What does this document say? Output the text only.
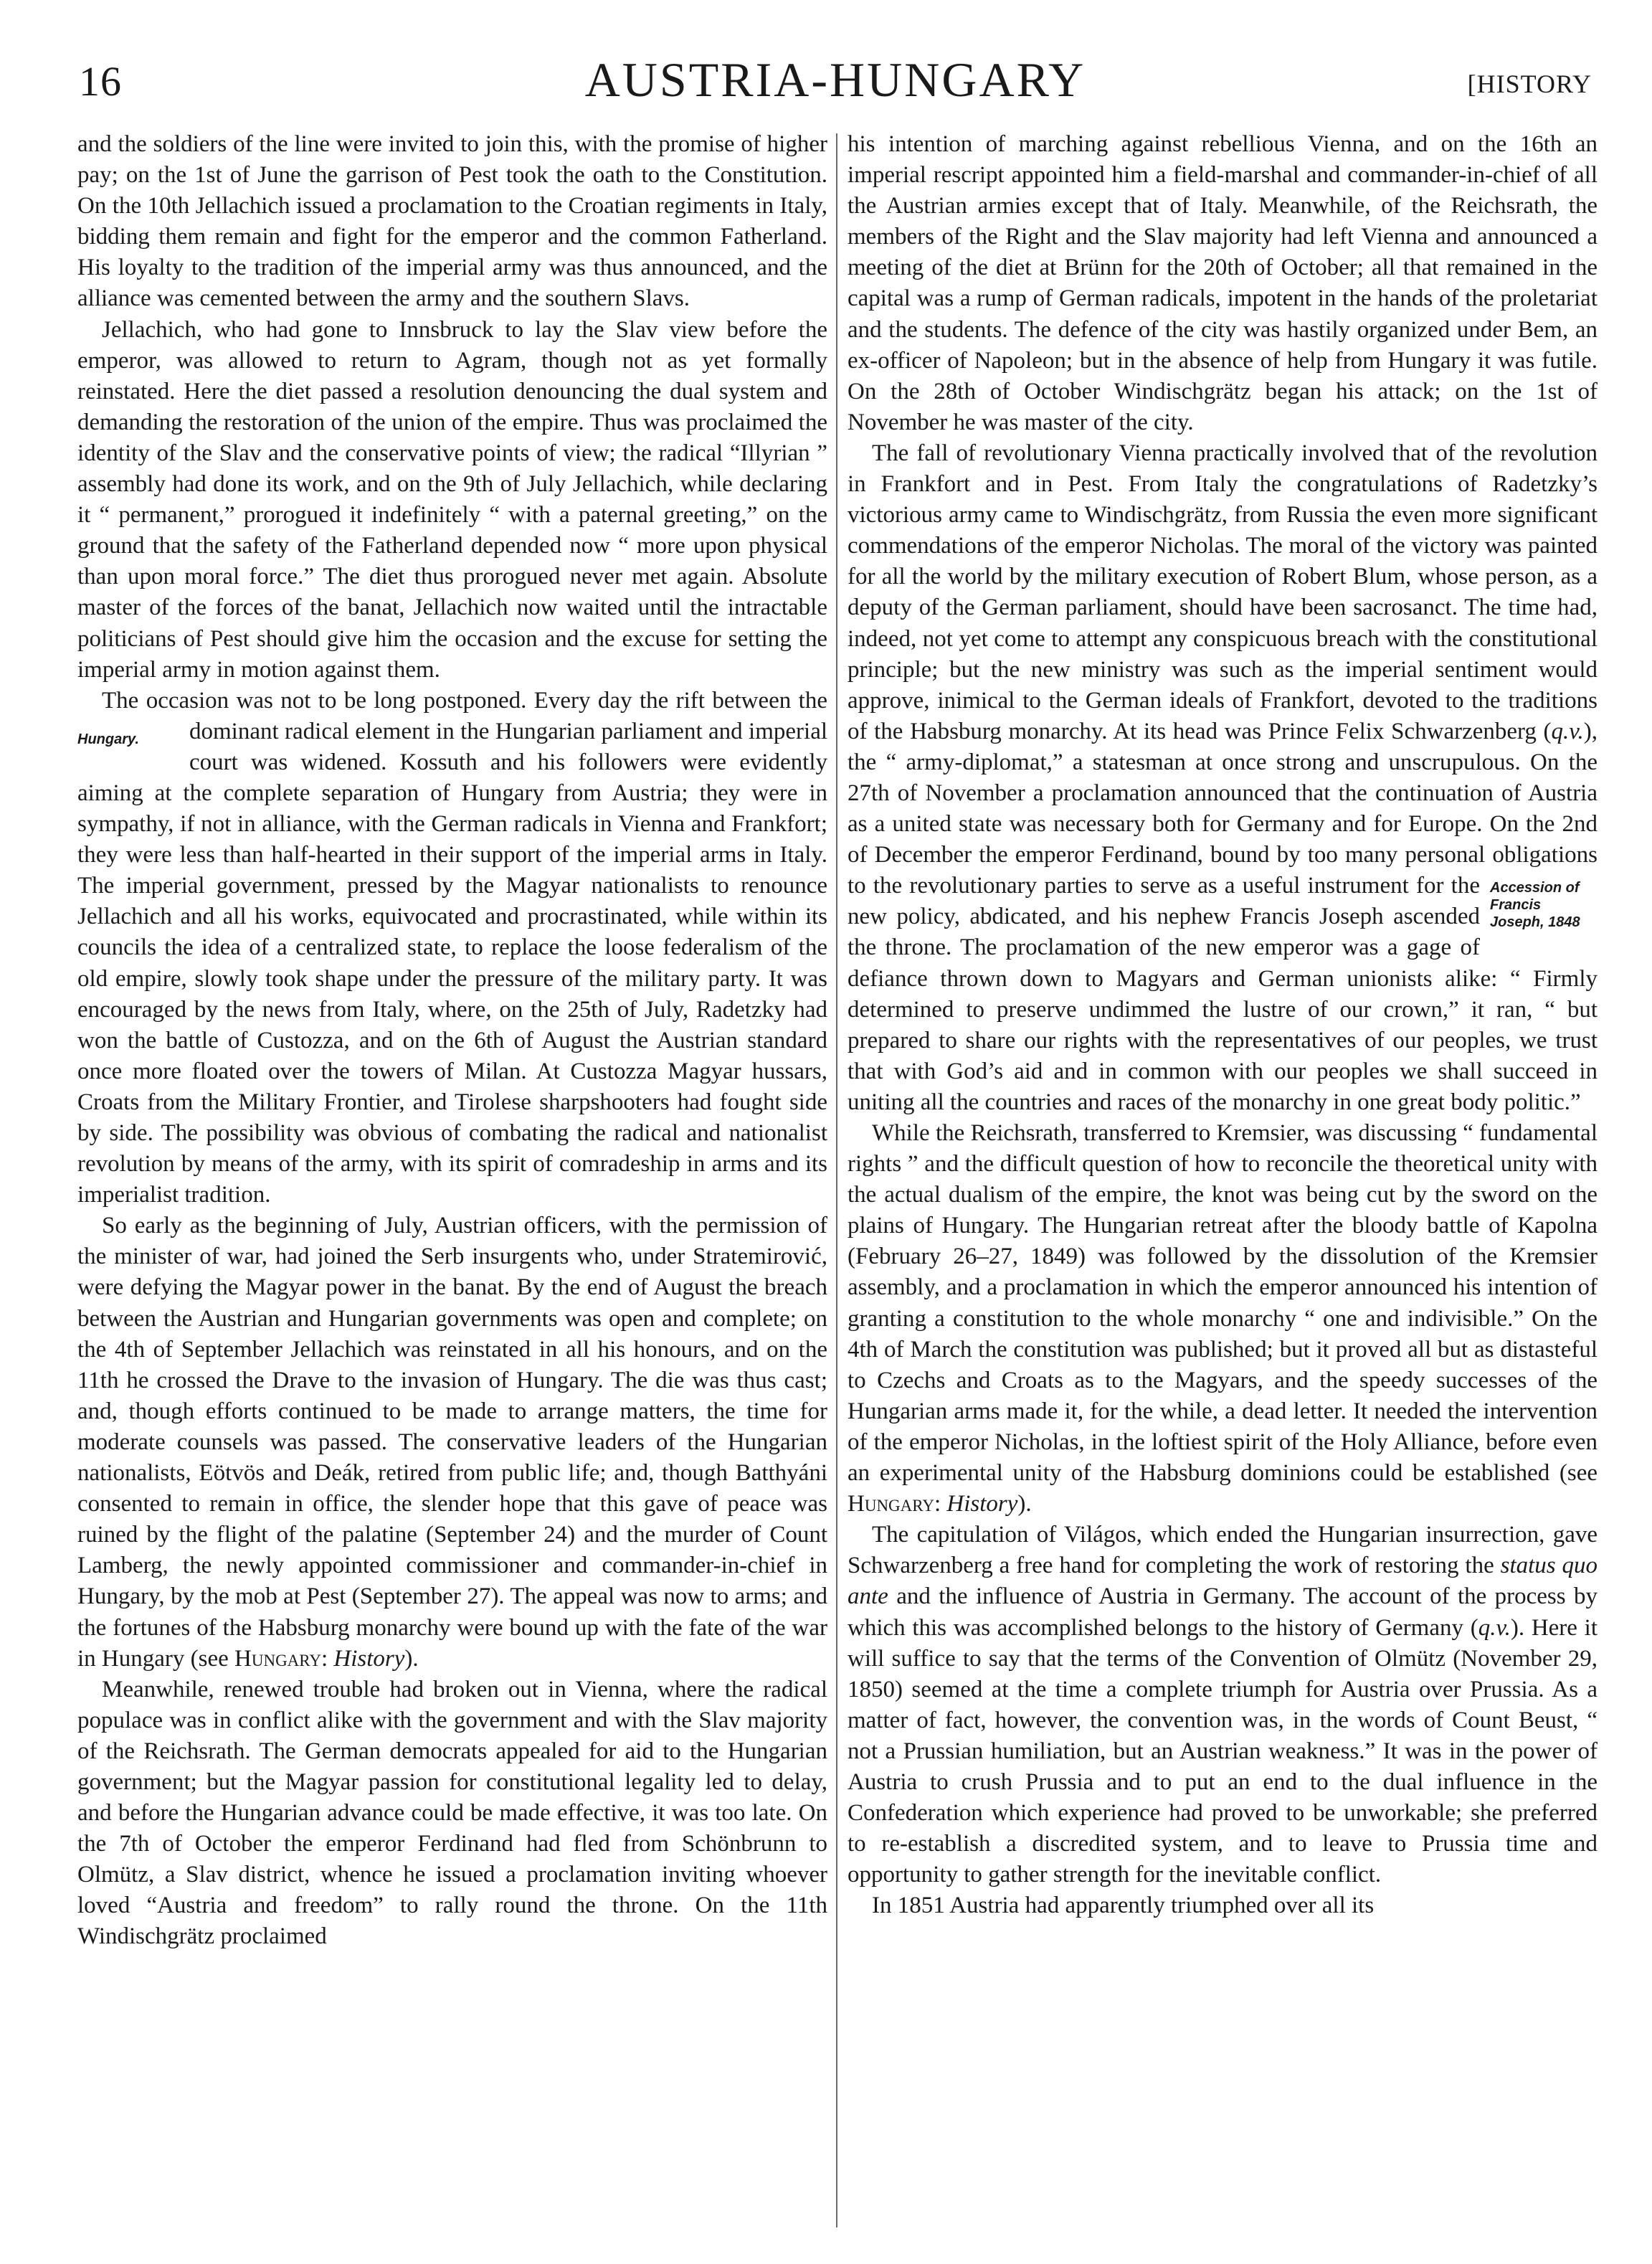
16	AUSTRIA-HUNGARY	[HISTORY

and the soldiers of the line were invited to join this, with the promise of higher pay; on the 1st of June the garrison of Pest took the oath to the Constitution. On the 10th Jellachich issued a proclamation to the Croatian regiments in Italy, bidding them remain and fight for the emperor and the common Fatherland. His loyalty to the tradition of the imperial army was thus announced, and the alliance was cemented between the army and the southern Slavs.

Jellachich, who had gone to Innsbruck to lay the Slav view before the emperor, was allowed to return to Agram, though not as yet formally reinstated. Here the diet passed a resolution denouncing the dual system and demanding the restoration of the union of the empire. Thus was proclaimed the identity of the Slav and the conservative points of view; the radical “Illyrian ” assembly had done its work, and on the 9th of July Jellachich, while declaring it “ permanent,” prorogued it indefinitely “ with a paternal greeting,” on the ground that the safety of the Fatherland depended now “ more upon physical than upon moral force.” The diet thus prorogued never met again. Absolute master of the forces of the banat, Jellachich now waited until the intractable politicians of Pest should give him the occasion and the excuse for setting the imperial army in motion against them.

The occasion was not to be long postponed. Every day the rift between the dominant radical element in the Hungarian
Hungary.	parliament and imperial court was widened. Kossuth and his followers were evidently aiming at the complete separation of Hungary from Austria; they were in sympathy, if not in alliance, with the German radicals in Vienna and Frankfort; they were less than half-hearted in their support of the imperial arms in Italy. The imperial government, pressed by the Magyar nationalists to renounce Jellachich and all his works, equivocated and procrastinated, while within its councils the idea of a centralized state, to replace the loose federalism of the old empire, slowly took shape under the pressure of the military party. It was encouraged by the news from Italy, where, on the 25th of July, Radetzky had won the battle of Custozza, and on the 6th of August the Austrian standard once more floated over the towers of Milan. At Custozza Magyar hussars, Croats from the Military Frontier, and Tirolese sharpshooters had fought side by side. The possibility was obvious of combating the radical and nationalist revolution by means of the army, with its spirit of comradeship in arms and its imperialist tradition.

So early as the beginning of July, Austrian officers, with the permission of the minister of war, had joined the Serb insurgents who, under Stratemirović, were defying the Magyar power in the banat. By the end of August the breach between the Austrian and Hungarian governments was open and complete; on the 4th of September Jellachich was reinstated in all his honours, and on the 11th he crossed the Drave to the invasion of Hungary. The die was thus cast; and, though efforts continued to be made to arrange matters, the time for moderate counsels was passed. The conservative leaders of the Hungarian nationalists, Eötvös and Deák, retired from public life; and, though Batthyáni consented to remain in office, the slender hope that this gave of peace was ruined by the flight of the palatine (September 24) and the murder of Count Lamberg, the newly appointed commissioner and commander-in-chief in Hungary, by the mob at Pest (September 27). The appeal was now to arms; and the fortunes of the Habsburg monarchy were bound up with the fate of the war in Hungary (see Hungary: History).

Meanwhile, renewed trouble had broken out in Vienna, where the radical populace was in conflict alike with the government and with the Slav majority of the Reichsrath. The German democrats appealed for aid to the Hungarian government; but the Magyar passion for constitutional legality led to delay, and before the Hungarian advance could be made effective, it was too late. On the 7th of October the emperor Ferdinand had fled from Schönbrunn to Olmütz, a Slav district, whence he issued a proclamation inviting whoever loved “Austria and freedom” to rally round the throne. On the 11th Windischgrätz proclaimed

his intention of marching against rebellious Vienna, and on the 16th an imperial rescript appointed him a field-marshal and commander-in-chief of all the Austrian armies except that of Italy. Meanwhile, of the Reichsrath, the members of the Right and the Slav majority had left Vienna and announced a meeting of the diet at Brünn for the 20th of October; all that remained in the capital was a rump of German radicals, impotent in the hands of the proletariat and the students. The defence of the city was hastily organized under Bem, an ex-officer of Napoleon; but in the absence of help from Hungary it was futile. On the 28th of October Windischgrätz began his attack; on the 1st of November he was master of the city.

The fall of revolutionary Vienna practically involved that of the revolution in Frankfort and in Pest. From Italy the congratulations of Radetzky’s victorious army came to Windischgrätz, from Russia the even more significant commendations of the emperor Nicholas. The moral of the victory was painted for all the world by the military execution of Robert Blum, whose person, as a deputy of the German parliament, should have been sacrosanct. The time had, indeed, not yet come to attempt any conspicuous breach with the constitutional principle; but the new ministry was such as the imperial sentiment would approve, inimical to the German ideals of Frankfort, devoted to the traditions of the Habsburg monarchy. At its head was Prince Felix Schwarzenberg (q.v.), the “ army-diplomat,” a statesman at once strong and unscrupulous. On the 27th of November a proclamation announced that the continuation of Austria as a united state was necessary both for Germany and for Europe. On the 2nd of December the emperor Ferdinand, bound by too many personal obligations to the revolutionary	Accession of Francis Joseph, 1848
parties to serve as a useful instrument for the new policy, abdicated, and his nephew Francis Joseph ascended the throne. The proclamation of the new emperor was a gage of defiance thrown down to Magyars and German unionists alike: “ Firmly determined to preserve undimmed the lustre of our crown,” it ran, “ but prepared to share our rights with the representatives of our peoples, we trust that with God’s aid and in common with our peoples we shall succeed in uniting all the countries and races of the monarchy in one great body politic.”

While the Reichsrath, transferred to Kremsier, was discussing “ fundamental rights ” and the difficult question of how to reconcile the theoretical unity with the actual dualism of the empire, the knot was being cut by the sword on the plains of Hungary. The Hungarian retreat after the bloody battle of Kapolna (February 26–27, 1849) was followed by the dissolution of the Kremsier assembly, and a proclamation in which the emperor announced his intention of granting a constitution to the whole monarchy “ one and indivisible.” On the 4th of March the constitution was published; but it proved all but as distasteful to Czechs and Croats as to the Magyars, and the speedy successes of the Hungarian arms made it, for the while, a dead letter. It needed the intervention of the emperor Nicholas, in the loftiest spirit of the Holy Alliance, before even an experimental unity of the Habsburg dominions could be established (see Hungary: History).

The capitulation of Világos, which ended the Hungarian insurrection, gave Schwarzenberg a free hand for completing the work of restoring the status quo ante and the influence of Austria in Germany. The account of the process by which this was accomplished belongs to the history of Germany (q.v.). Here it will suffice to say that the terms of the Convention of Olmütz (November 29, 1850) seemed at the time a complete triumph for Austria over Prussia. As a matter of fact, however, the convention was, in the words of Count Beust, “ not a Prussian humiliation, but an Austrian weakness.” It was in the power of Austria to crush Prussia and to put an end to the dual influence in the Confederation which experience had proved to be unworkable; she preferred to re-establish a discredited system, and to leave to Prussia time and opportunity to gather strength for the inevitable conflict.

In 1851 Austria had apparently triumphed over all its
